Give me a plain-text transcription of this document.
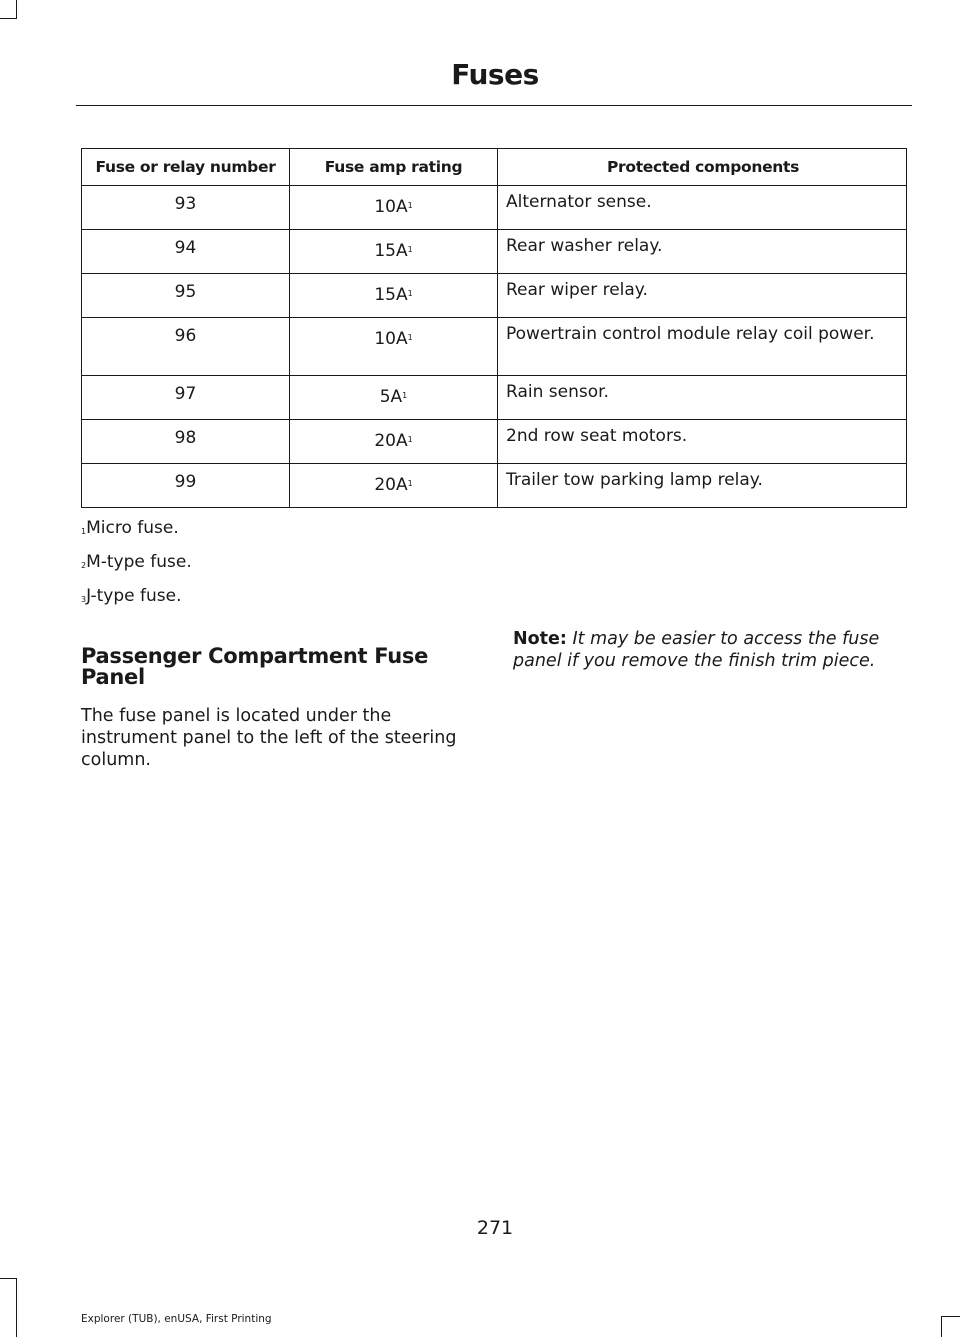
Fuses
Fuse or relay number	Fuse amp rating	Protected components
93	$10A^1$	Alternator sense.
94	$15A^1$	Rear washer relay.
95	$15A^1$	Rear wiper relay.
96	$10A^1$	Powertrain control module relay coil power.
97	$5A^1$	Rain sensor.
98	$20A^1$	2nd row seat motors.
99	$20A^1$	Trailer tow parking lamp relay.
$^1$Micro fuse.
$^2$M-type fuse.
$^3$J-type fuse.
Passenger Compartment Fuse Panel

The fuse panel is located under the instrument panel to the left of the steering column.

Note: It may be easier to access the fuse panel if you remove the finish trim piece.

271
Explorer (TUB), enUSA, First Printing
